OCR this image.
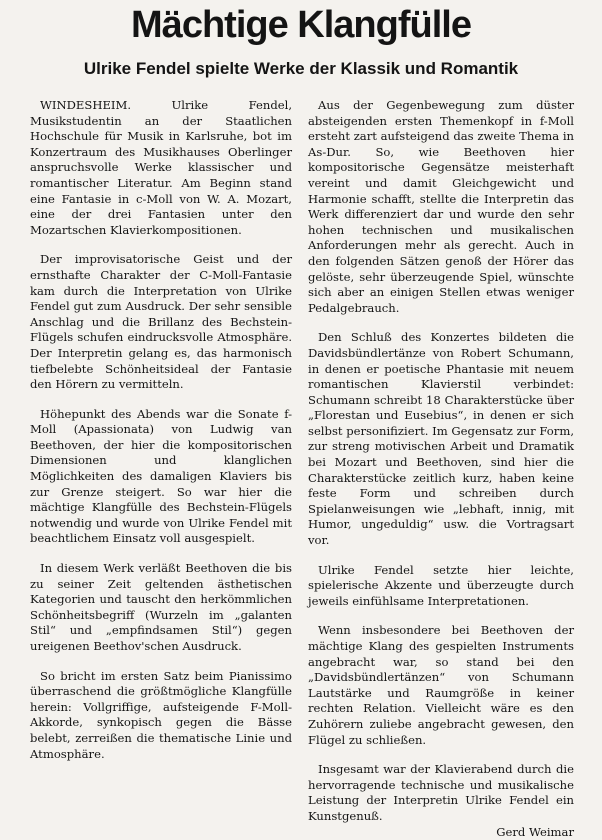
Mächtige Klangfülle
Ulrike Fendel spielte Werke der Klassik und Romantik

WINDESHEIM. Ulrike Fendel, Musikstudentin an der Staatlichen Hochschule für Musik in Karlsruhe, bot im Konzertraum des Musikhauses Oberlinger anspruchsvolle Werke klassischer und romantischer Literatur. Am Beginn stand eine Fantasie in c-Moll von W. A. Mozart, eine der drei Fantasien unter den Mozartschen Klavierkompositionen.

Der improvisatorische Geist und der ernsthafte Charakter der C-Moll-Fantasie kam durch die Interpretation von Ulrike Fendel gut zum Ausdruck. Der sehr sensible Anschlag und die Brillanz des Bechstein-Flügels schufen eindrucksvolle Atmosphäre. Der Interpretin gelang es, das harmonisch tiefbelebte Schönheitsideal der Fantasie den Hörern zu vermitteln.

Höhepunkt des Abends war die Sonate f-Moll (Apassionata) von Ludwig van Beethoven, der hier die kompositorischen Dimensionen und klanglichen Möglichkeiten des damaligen Klaviers bis zur Grenze steigert. So war hier die mächtige Klangfülle des Bechstein-Flügels notwendig und wurde von Ulrike Fendel mit beachtlichem Einsatz voll ausgespielt.

In diesem Werk verläßt Beethoven die bis zu seiner Zeit geltenden ästhetischen Kategorien und tauscht den herkömmlichen Schönheitsbegriff (Wurzeln im „galanten Stil“ und „empfindsamen Stil“) gegen ureigenen Beethov'schen Ausdruck.

So bricht im ersten Satz beim Pianissimo überraschend die größtmögliche Klangfülle herein: Vollgriffige, aufsteigende F-Moll-Akkorde, synkopisch gegen die Bässe belebt, zerreißen die thematische Linie und Atmosphäre.

Aus der Gegenbewegung zum düster absteigenden ersten Themenkopf in f-Moll ersteht zart aufsteigend das zweite Thema in As-Dur. So, wie Beethoven hier kompositorische Gegensätze meisterhaft vereint und damit Gleichgewicht und Harmonie schafft, stellte die Interpretin das Werk differenziert dar und wurde den sehr hohen technischen und musikalischen Anforderungen mehr als gerecht. Auch in den folgenden Sätzen genoß der Hörer das gelöste, sehr überzeugende Spiel, wünschte sich aber an einigen Stellen etwas weniger Pedalgebrauch.

Den Schluß des Konzertes bildeten die Davidsbündlertänze von Robert Schumann, in denen er poetische Phantasie mit neuem romantischen Klavierstil verbindet: Schumann schreibt 18 Charakterstücke über „Florestan und Eusebius“, in denen er sich selbst personifiziert. Im Gegensatz zur Form, zur streng motivischen Arbeit und Dramatik bei Mozart und Beethoven, sind hier die Charakterstücke zeitlich kurz, haben keine feste Form und schreiben durch Spielanweisungen wie „lebhaft, innig, mit Humor, ungeduldig“ usw. die Vortragsart vor.

Ulrike Fendel setzte hier leichte, spielerische Akzente und überzeugte durch jeweils einfühlsame Interpretationen.

Wenn insbesondere bei Beethoven der mächtige Klang des gespielten Instruments angebracht war, so stand bei den „Davidsbündlertänzen“ von Schumann Lautstärke und Raumgröße in keiner rechten Relation. Vielleicht wäre es den Zuhörern zuliebe angebracht gewesen, den Flügel zu schließen.

Insgesamt war der Klavierabend durch die hervorragende technische und musikalische Leistung der Interpretin Ulrike Fendel ein Kunstgenuß.

Gerd Weimar
